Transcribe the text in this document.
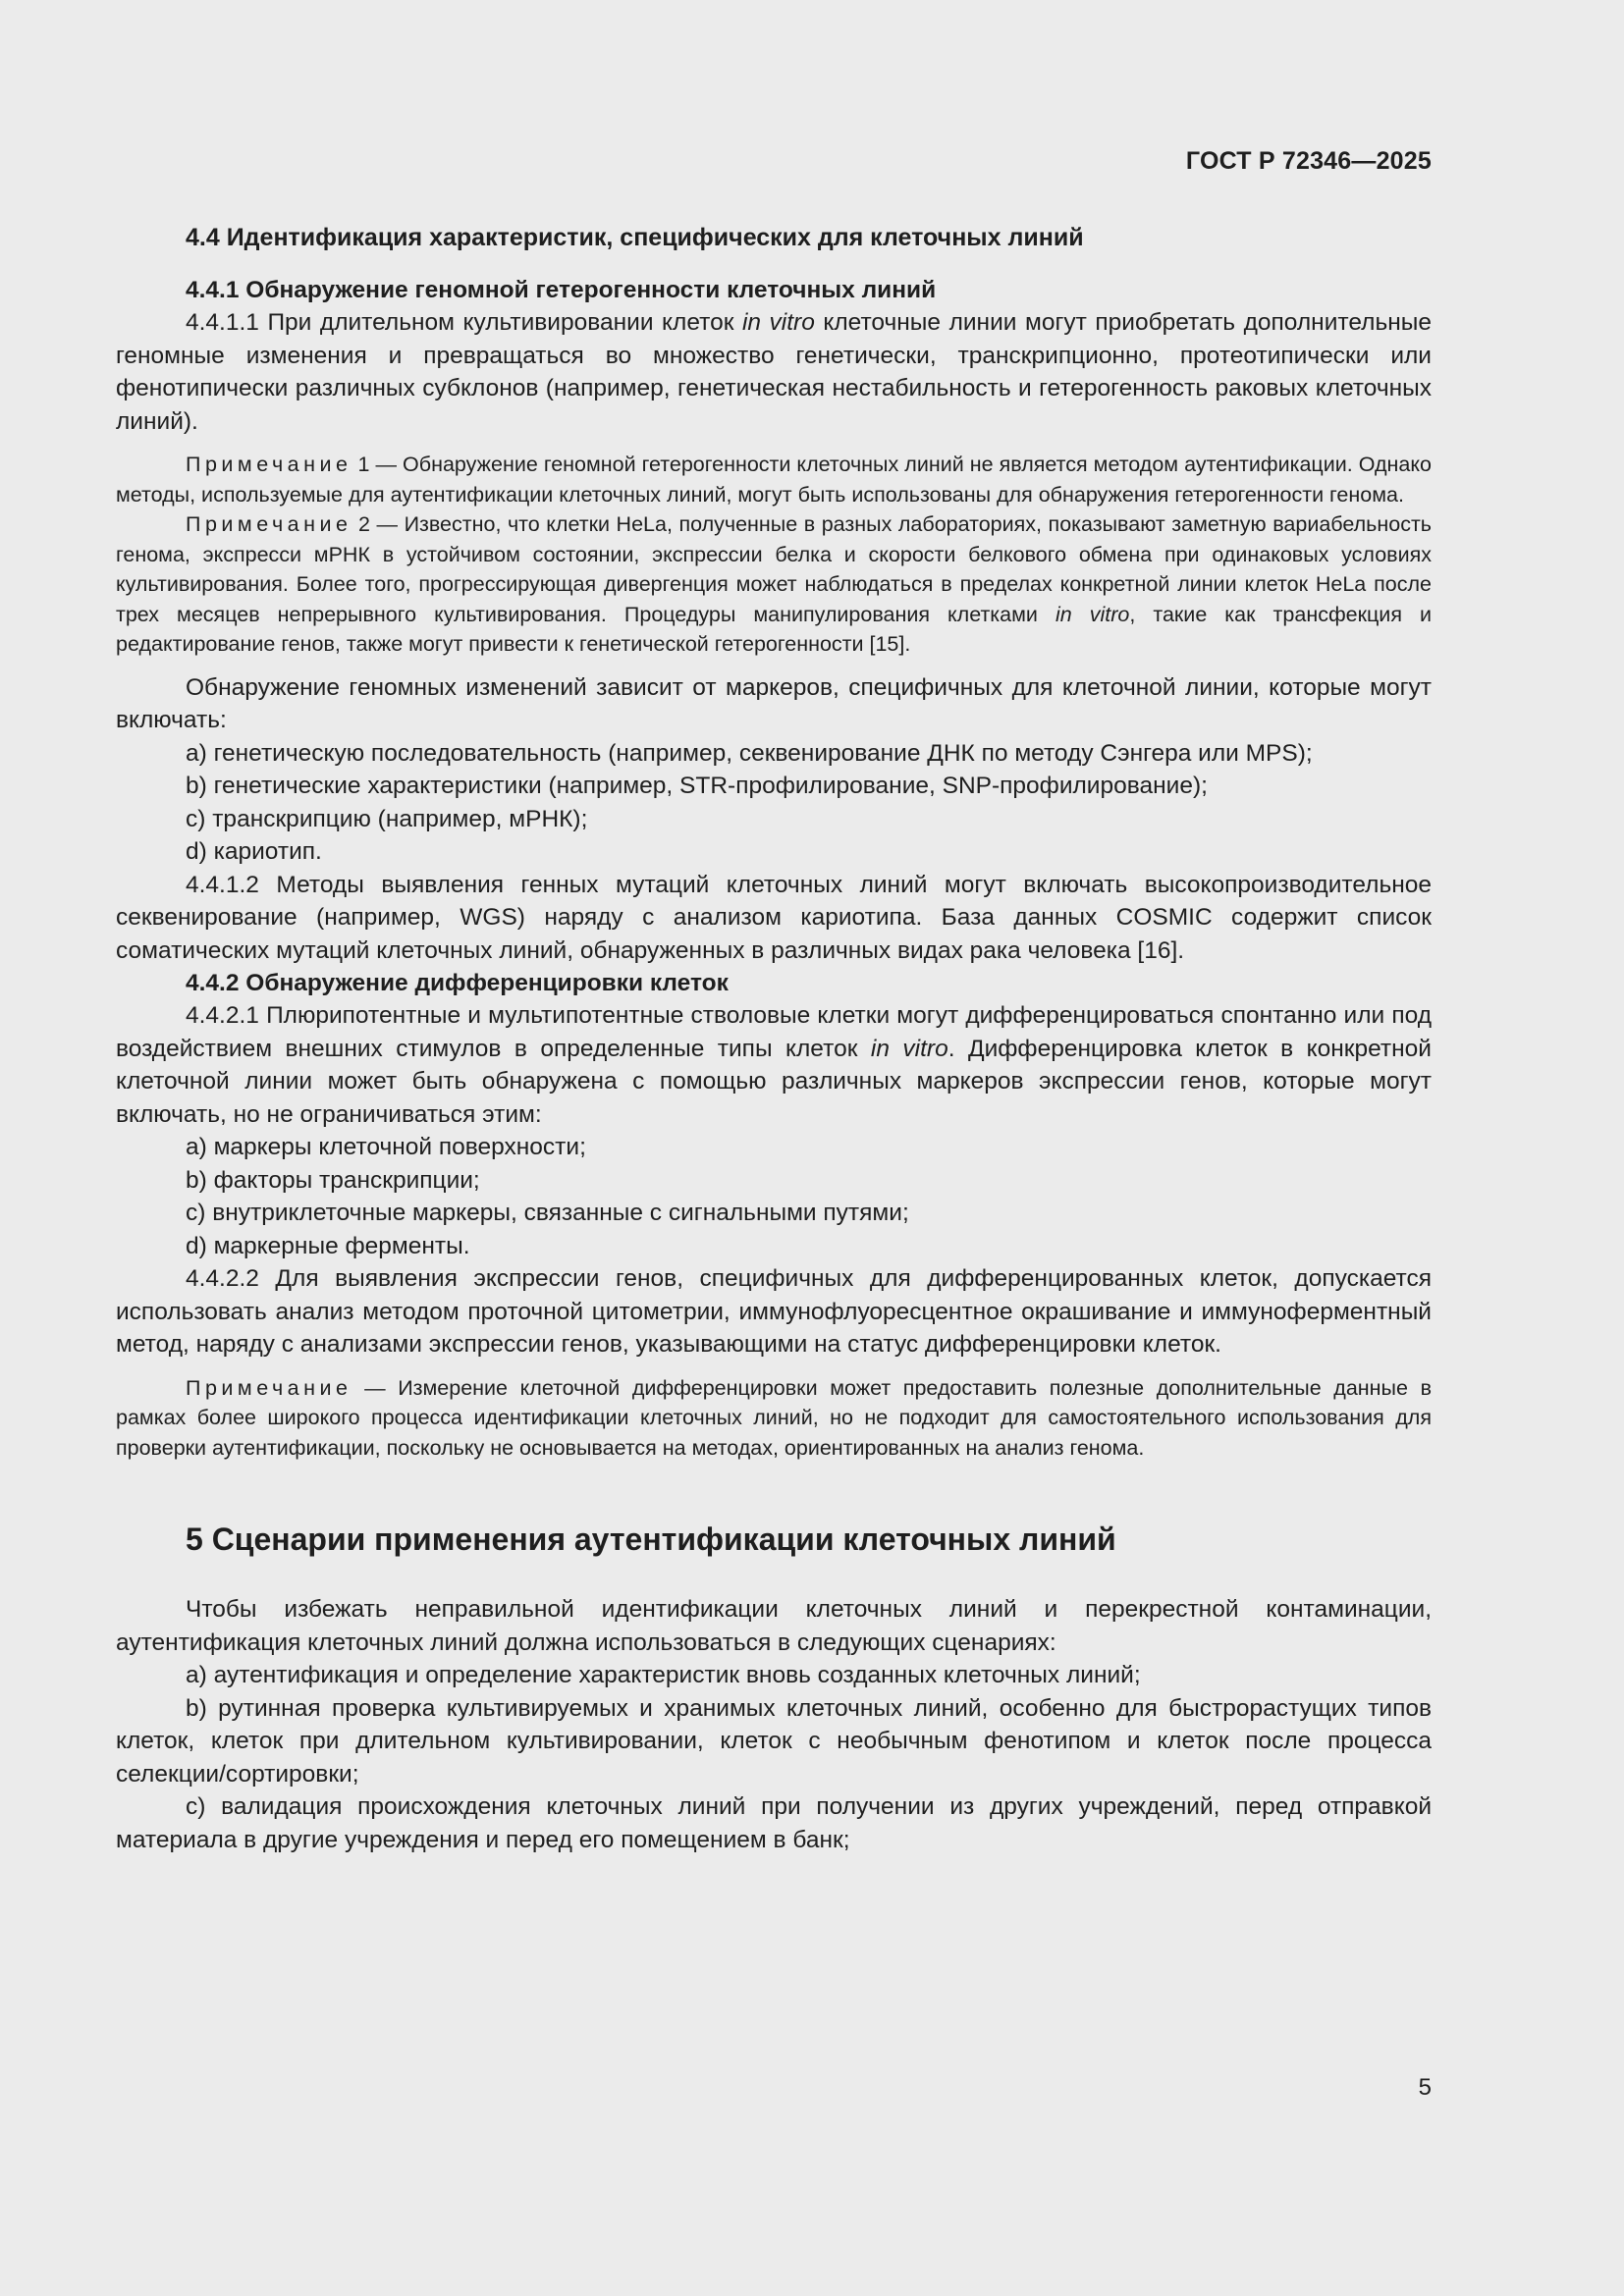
ГОСТ Р 72346—2025

4.4 Идентификация характеристик, специфических для клеточных линий

4.4.1 Обнаружение геномной гетерогенности клеточных линий

4.4.1.1 При длительном культивировании клеток in vitro клеточные линии могут приобретать дополнительные геномные изменения и превращаться во множество генетически, транскрипционно, протеотипически или фенотипически различных субклонов (например, генетическая нестабильность и гетерогенность раковых клеточных линий).

Примечание 1 — Обнаружение геномной гетерогенности клеточных линий не является методом аутентификации. Однако методы, используемые для аутентификации клеточных линий, могут быть использованы для обнаружения гетерогенности генома.

Примечание 2 — Известно, что клетки HeLa, полученные в разных лабораториях, показывают заметную вариабельность генома, экспресси мРНК в устойчивом состоянии, экспрессии белка и скорости белкового обмена при одинаковых условиях культивирования. Более того, прогрессирующая дивергенция может наблюдаться в пределах конкретной линии клеток HeLa после трех месяцев непрерывного культивирования. Процедуры манипулирования клетками in vitro, такие как трансфекция и редактирование генов, также могут привести к генетической гетерогенности [15].

Обнаружение геномных изменений зависит от маркеров, специфичных для клеточной линии, которые могут включать:

a) генетическую последовательность (например, секвенирование ДНК по методу Сэнгера или MPS);

b) генетические характеристики (например, STR-профилирование, SNP-профилирование);

c) транскрипцию (например, мРНК);

d) кариотип.

4.4.1.2 Методы выявления генных мутаций клеточных линий могут включать высокопроизводительное секвенирование (например, WGS) наряду с анализом кариотипа. База данных COSMIC содержит список соматических мутаций клеточных линий, обнаруженных в различных видах рака человека [16].

4.4.2 Обнаружение дифференцировки клеток

4.4.2.1 Плюрипотентные и мультипотентные стволовые клетки могут дифференцироваться спонтанно или под воздействием внешних стимулов в определенные типы клеток in vitro. Дифференцировка клеток в конкретной клеточной линии может быть обнаружена с помощью различных маркеров экспрессии генов, которые могут включать, но не ограничиваться этим:

a) маркеры клеточной поверхности;

b) факторы транскрипции;

c) внутриклеточные маркеры, связанные с сигнальными путями;

d) маркерные ферменты.

4.4.2.2 Для выявления экспрессии генов, специфичных для дифференцированных клеток, допускается использовать анализ методом проточной цитометрии, иммунофлуоресцентное окрашивание и иммуноферментный метод, наряду с анализами экспрессии генов, указывающими на статус дифференцировки клеток.

Примечание — Измерение клеточной дифференцировки может предоставить полезные дополнительные данные в рамках более широкого процесса идентификации клеточных линий, но не подходит для самостоятельного использования для проверки аутентификации, поскольку не основывается на методах, ориентированных на анализ генома.

5 Сценарии применения аутентификации клеточных линий

Чтобы избежать неправильной идентификации клеточных линий и перекрестной контаминации, аутентификация клеточных линий должна использоваться в следующих сценариях:

a) аутентификация и определение характеристик вновь созданных клеточных линий;

b) рутинная проверка культивируемых и хранимых клеточных линий, особенно для быстрорастущих типов клеток, клеток при длительном культивировании, клеток с необычным фенотипом и клеток после процесса селекции/сортировки;

c) валидация происхождения клеточных линий при получении из других учреждений, перед отправкой материала в другие учреждения и перед его помещением в банк;

5
